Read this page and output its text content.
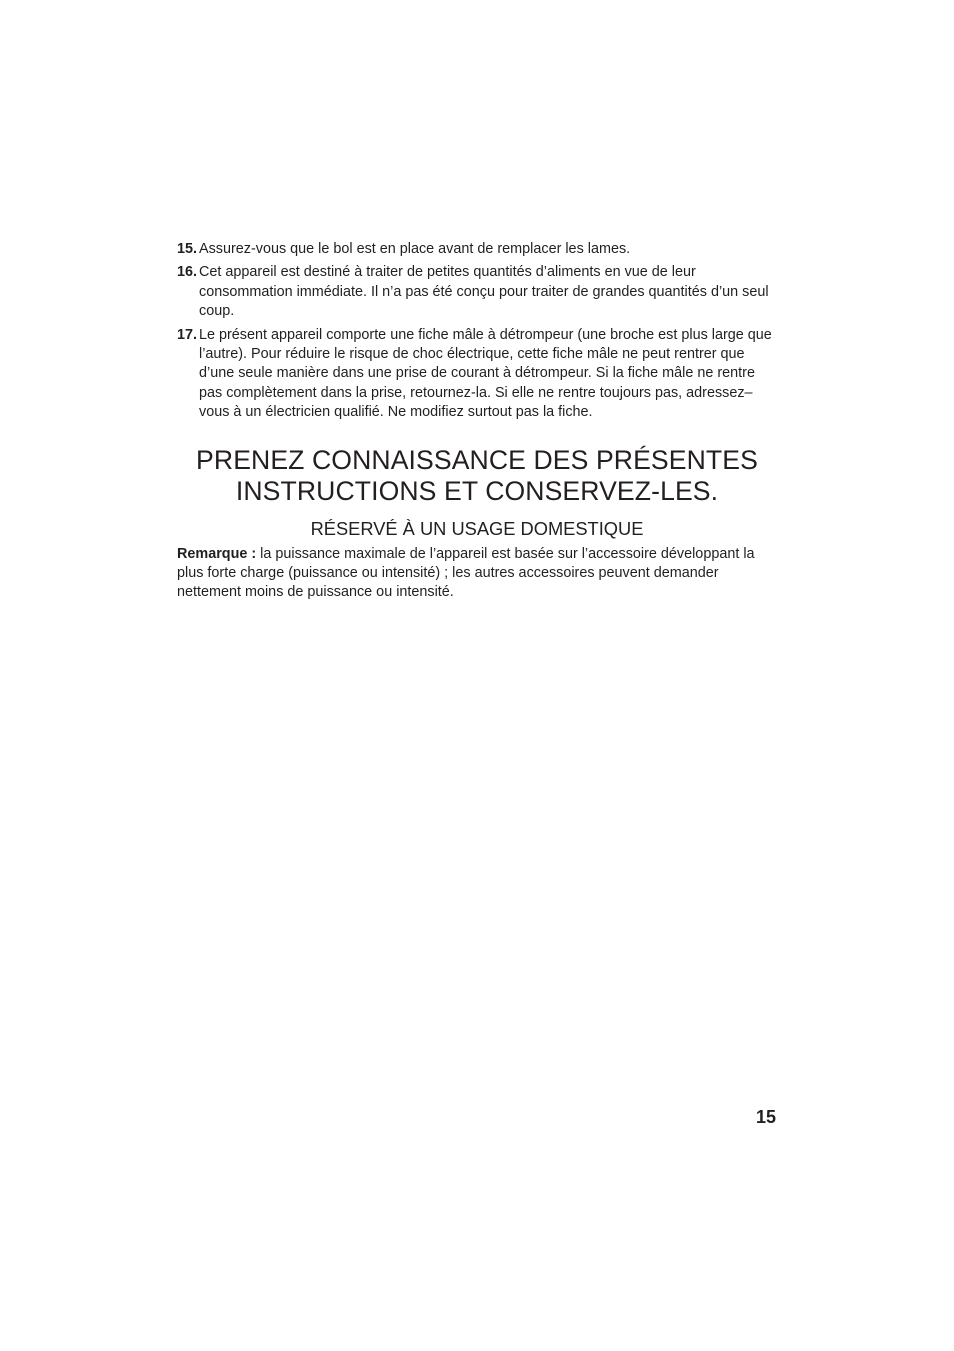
15. Assurez-vous que le bol est en place avant de remplacer les lames.
16. Cet appareil est destiné à traiter de petites quantités d’aliments en vue de leur consommation immédiate. Il n’a pas été conçu pour traiter de grandes quantités d’un seul coup.
17. Le présent appareil comporte une fiche mâle à détrompeur (une broche est plus large que l’autre). Pour réduire le risque de choc électrique, cette fiche mâle ne peut rentrer que d’une seule manière dans une prise de courant à détrompeur. Si la fiche mâle ne rentre pas complètement dans la prise, retournez-la. Si elle ne rentre toujours pas, adressez–vous à un électricien qualifié. Ne modifiez surtout pas la fiche.
PRENEZ CONNAISSANCE DES PRÉSENTES
INSTRUCTIONS ET CONSERVEZ-LES.
RÉSERVÉ À UN USAGE DOMESTIQUE

Remarque : la puissance maximale de l’appareil est basée sur l’accessoire développant la plus forte charge (puissance ou intensité) ; les autres accessoires peuvent demander nettement moins de puissance ou intensité.

15
